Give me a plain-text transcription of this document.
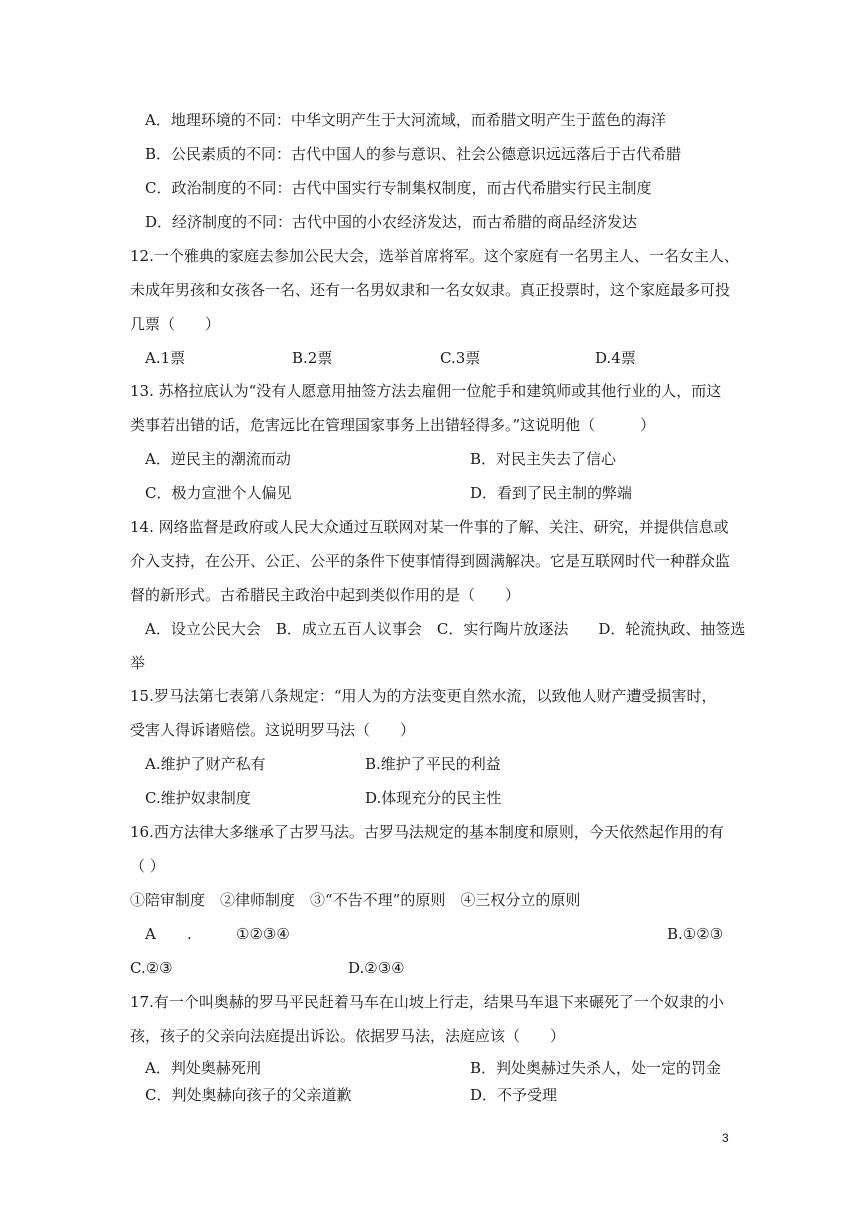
A．地理环境的不同：中华文明产生于大河流域，而希腊文明产生于蓝色的海洋
B．公民素质的不同：古代中国人的参与意识、社会公德意识远远落后于古代希腊
C．政治制度的不同：古代中国实行专制集权制度，而古代希腊实行民主制度
D．经济制度的不同：古代中国的小农经济发达，而古希腊的商品经济发达
12.一个雅典的家庭去参加公民大会，选举首席将军。这个家庭有一名男主人、一名女主人、
未成年男孩和女孩各一名、还有一名男奴隶和一名女奴隶。真正投票时，这个家庭最多可投
几票（　　）
A.1票	B.2票	C.3票	D.4票
13. 苏格拉底认为“没有人愿意用抽签方法去雇佣一位舵手和建筑师或其他行业的人，而这
类事若出错的话，危害远比在管理国家事务上出错轻得多。”这说明他（　　　）
A．逆民主的潮流而动	B．对民主失去了信心
C．极力宣泄个人偏见	D．看到了民主制的弊端
14. 网络监督是政府或人民大众通过互联网对某一件事的了解、关注、研究，并提供信息或
介入支持，在公开、公正、公平的条件下使事情得到圆满解决。它是互联网时代一种群众监
督的新形式。古希腊民主政治中起到类似作用的是（　　）
A．设立公民大会　B．成立五百人议事会　C．实行陶片放逐法　　D．轮流执政、抽签选
举
15.罗马法第七表第八条规定：“用人为的方法变更自然水流，以致他人财产遭受损害时，
受害人得诉诸赔偿。这说明罗马法（　　）
A.维护了财产私有	B.维护了平民的利益
C.维护奴隶制度	D.体现充分的民主性
16.西方法律大多继承了古罗马法。古罗马法规定的基本制度和原则，今天依然起作用的有
（ ）
①陪审制度　②律师制度　③“不告不理”的原则　④三权分立的原则
A .	①②③④	B.①②③
C.②③	D.②③④
17.有一个叫奥赫的罗马平民赶着马车在山坡上行走，结果马车退下来碾死了一个奴隶的小
孩，孩子的父亲向法庭提出诉讼。依据罗马法，法庭应该（　　）
A．判处奥赫死刑	B．判处奥赫过失杀人，处一定的罚金
C．判处奥赫向孩子的父亲道歉	D．不予受理
3
